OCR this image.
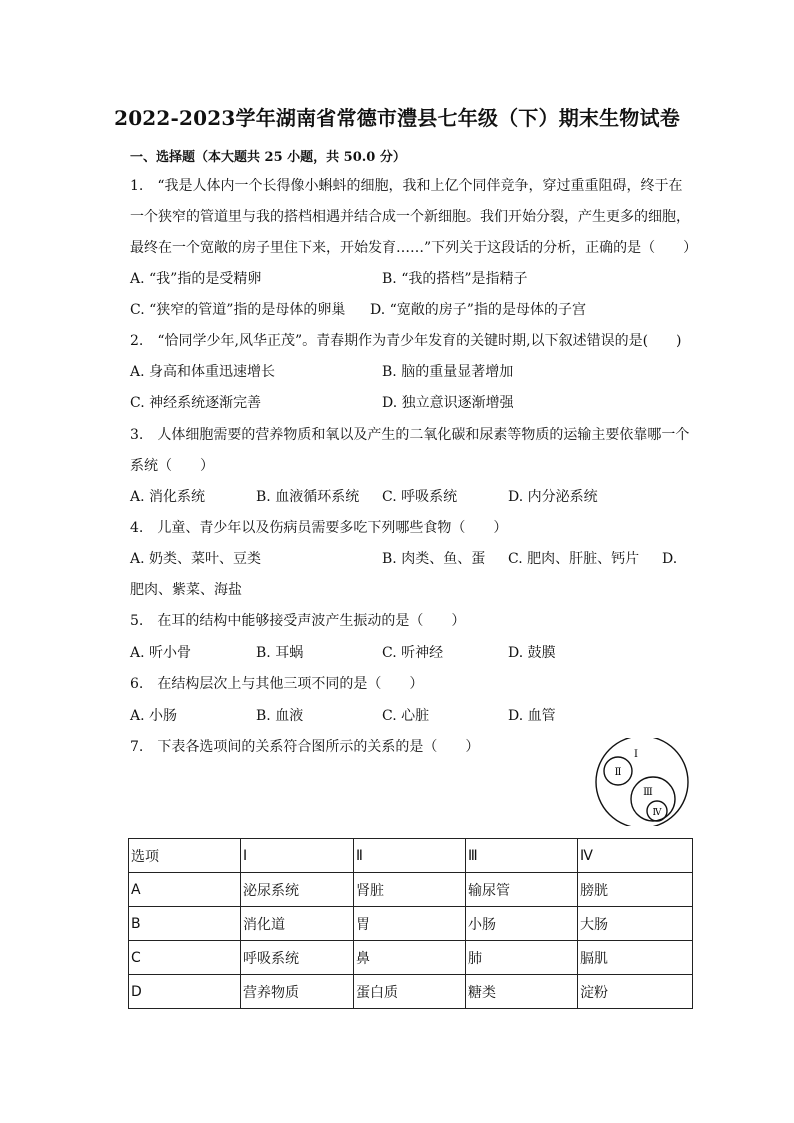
2022-2023学年湖南省常德市澧县七年级（下）期末生物试卷
一、选择题（本大题共 25 小题，共 50.0 分）
1.　“我是人体内一个长得像小蝌蚪的细胞，我和上亿个同伴竞争，穿过重重阻碍，终于在
一个狭窄的管道里与我的搭档相遇并结合成一个新细胞。我们开始分裂，产生更多的细胞，
最终在一个宽敞的房子里住下来，开始发育……”下列关于这段话的分析，正确的是（　　）
A. “我”指的是受精卵	B. “我的搭档”是指精子
C. “狭窄的管道”指的是母体的卵巢 D. “宽敞的房子”指的是母体的子宫
2.　“恰同学少年,风华正茂”。青春期作为青少年发育的关键时期,以下叙述错误的是(　　)
A. 身高和体重迅速增长	B. 脑的重量显著增加
C. 神经系统逐渐完善	D. 独立意识逐渐增强
3.　人体细胞需要的营养物质和氧以及产生的二氧化碳和尿素等物质的运输主要依靠哪一个
系统（　　）
A. 消化系统	B. 血液循环系统 C. 呼吸系统	D. 内分泌系统
4.　儿童、青少年以及伤病员需要多吃下列哪些食物（　　）
A. 奶类、菜叶、豆类	B. 肉类、鱼、蛋 C. 肥肉、肝脏、钙片 D.
肥肉、紫菜、海盐
5.　在耳的结构中能够接受声波产生振动的是（　　）
A. 听小骨	B. 耳蜗	C. 听神经	D. 鼓膜
6.　在结构层次上与其他三项不同的是（　　）
A. 小肠	B. 血液	C. 心脏	D. 血管
7.　下表各选项间的关系符合图所示的关系的是（　　）	Ⅰ
Ⅱ
Ⅲ
Ⅳ
选项	Ⅰ	Ⅱ	Ⅲ	Ⅳ
A	泌尿系统	肾脏	输尿管	膀胱
B	消化道	胃	小肠	大肠
C	呼吸系统	鼻	肺	膈肌
D	营养物质	蛋白质	糖类	淀粉
